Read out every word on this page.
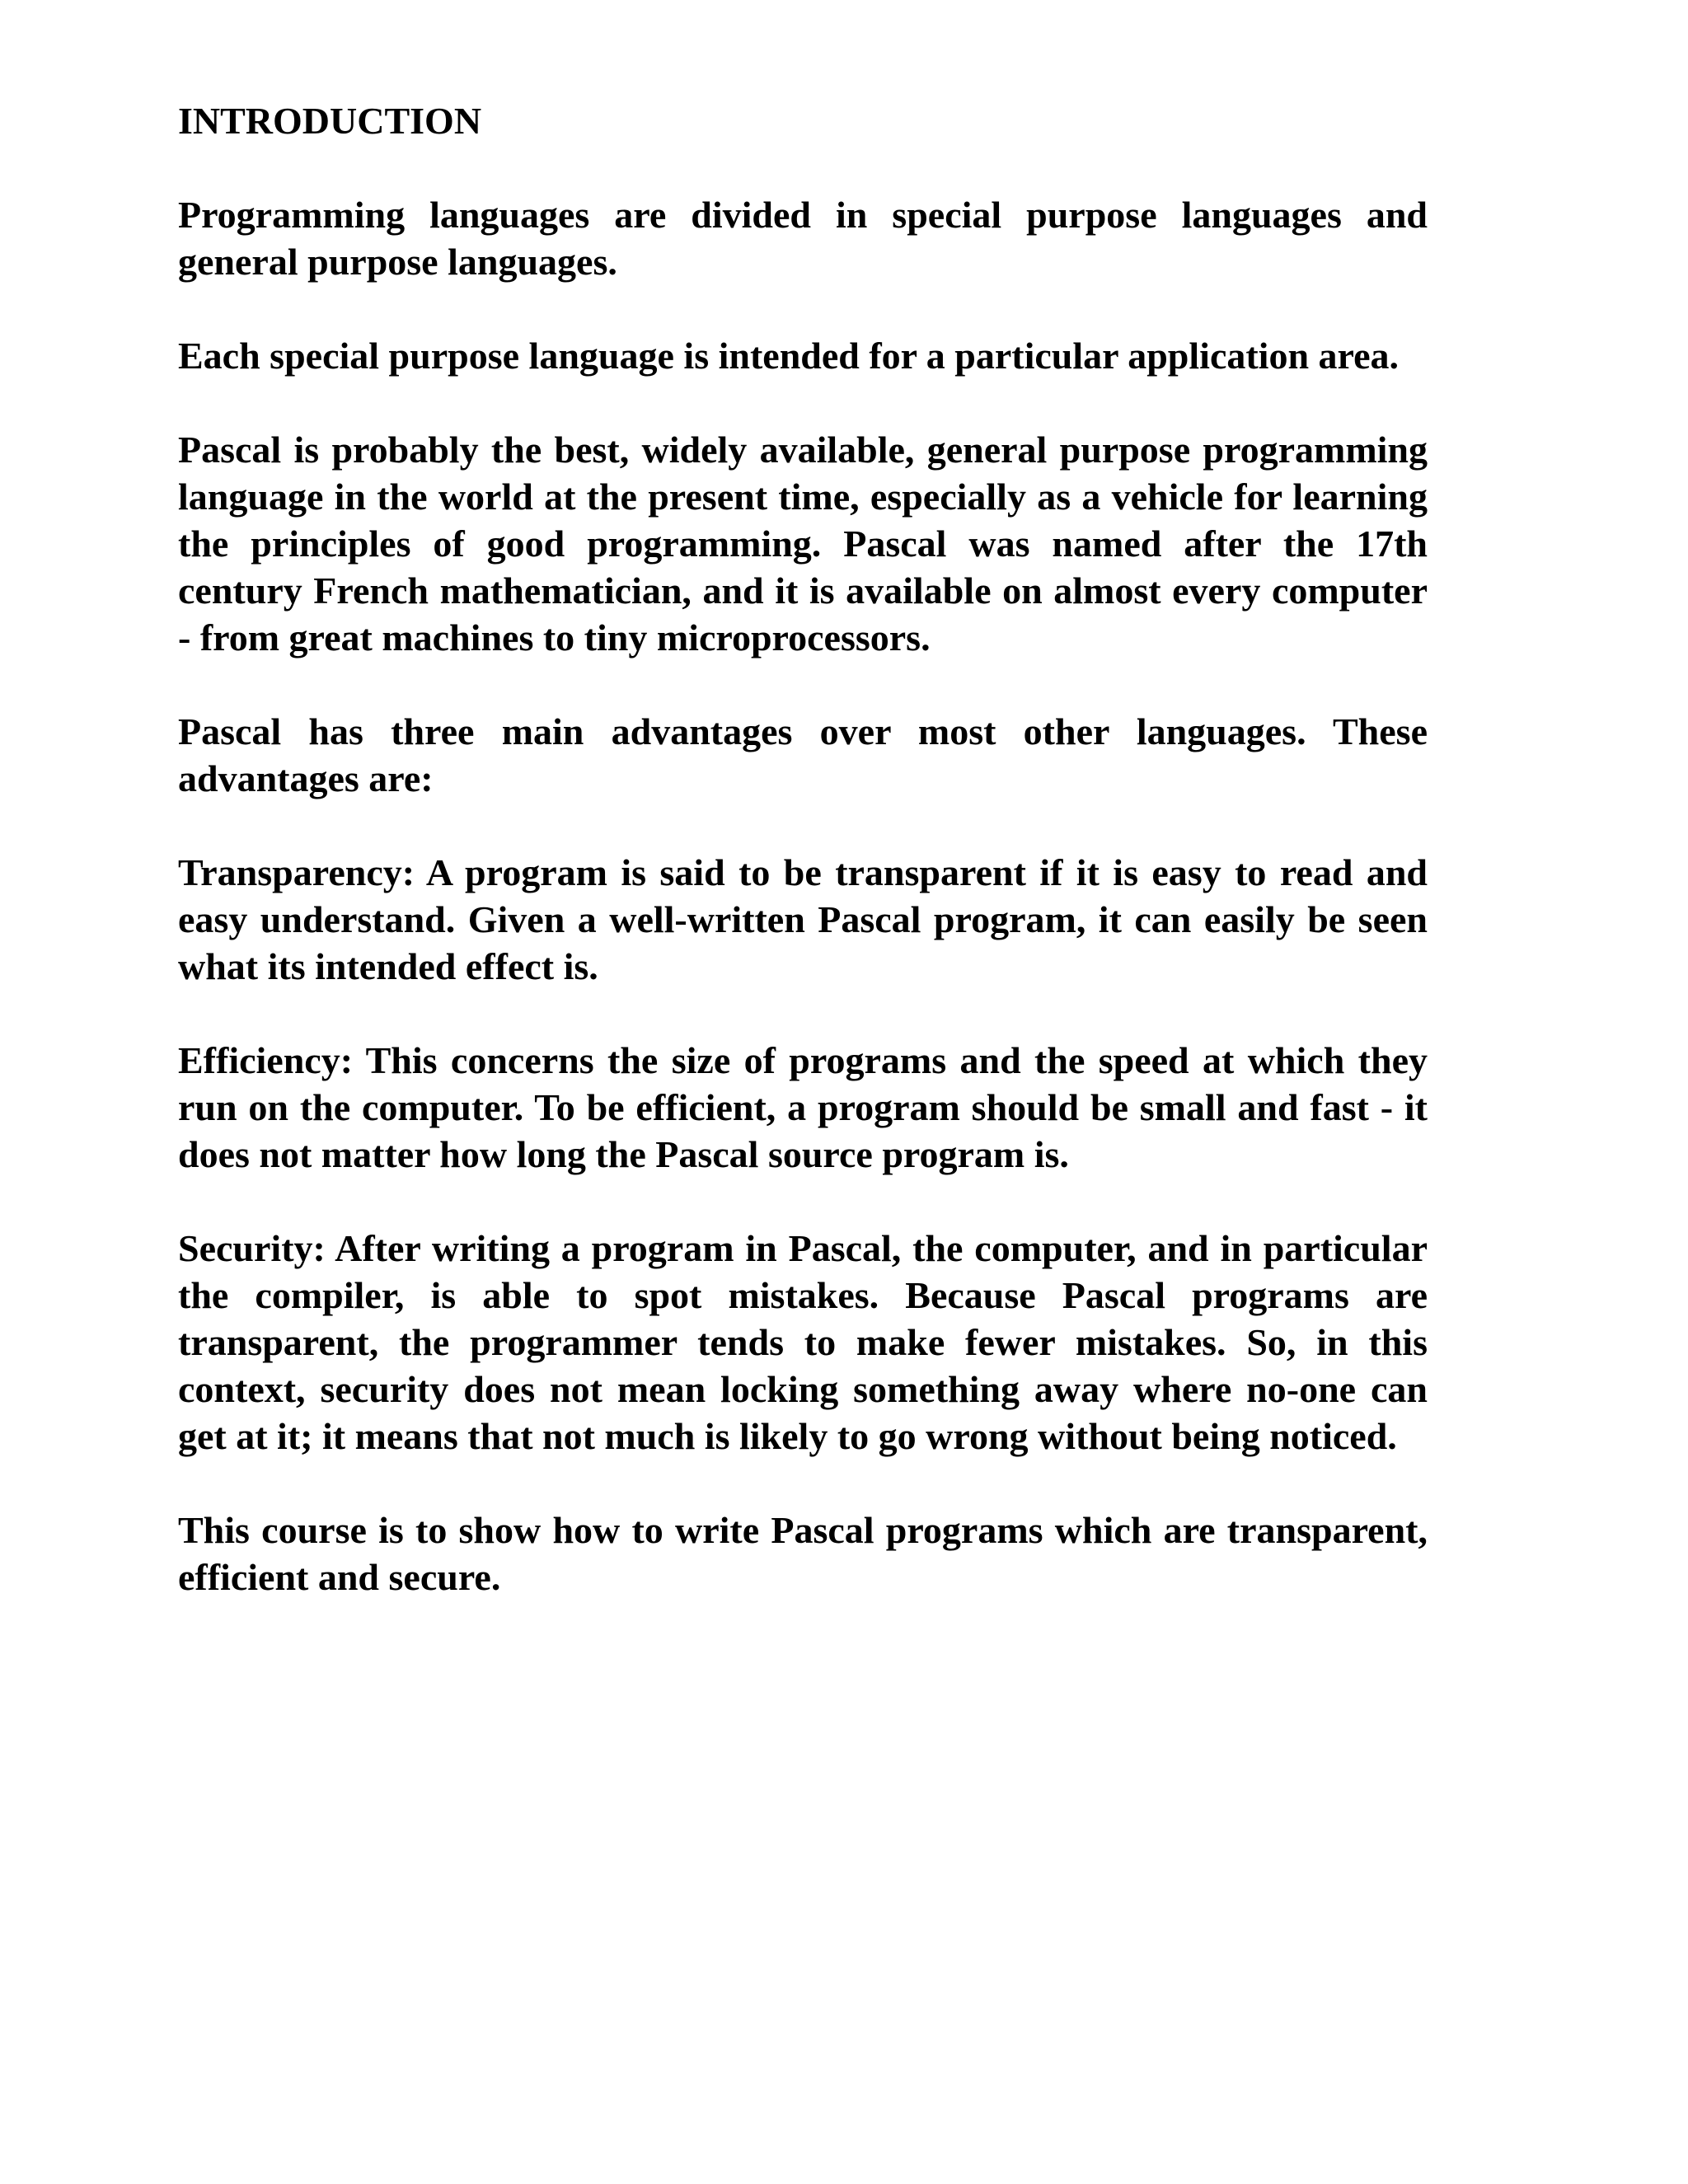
INTRODUCTION

Programming languages are divided in special purpose languages and general purpose languages.

Each special purpose language is intended for a particular application area.

Pascal is probably the best, widely available, general purpose programming language in the world at the present time, especially as a vehicle for learning the principles of good programming. Pascal was named after the 17th century French mathematician, and it is available on almost every computer - from great machines to tiny microprocessors.

Pascal has three main advantages over most other languages. These advantages are:

Transparency: A program is said to be transparent if it is easy to read and easy understand. Given a well-written Pascal program, it can easily be seen what its intended effect is.

Efficiency: This concerns the size of programs and the speed at which they run on the computer. To be efficient, a program should be small and fast - it does not matter how long the Pascal source program is.

Security: After writing a program in Pascal, the computer, and in particular the compiler, is able to spot mistakes. Because Pascal programs are transparent, the programmer tends to make fewer mistakes. So, in this context, security does not mean locking something away where no-one can get at it; it means that not much is likely to go wrong without being noticed.

This course is to show how to write Pascal programs which are transparent, efficient and secure.
